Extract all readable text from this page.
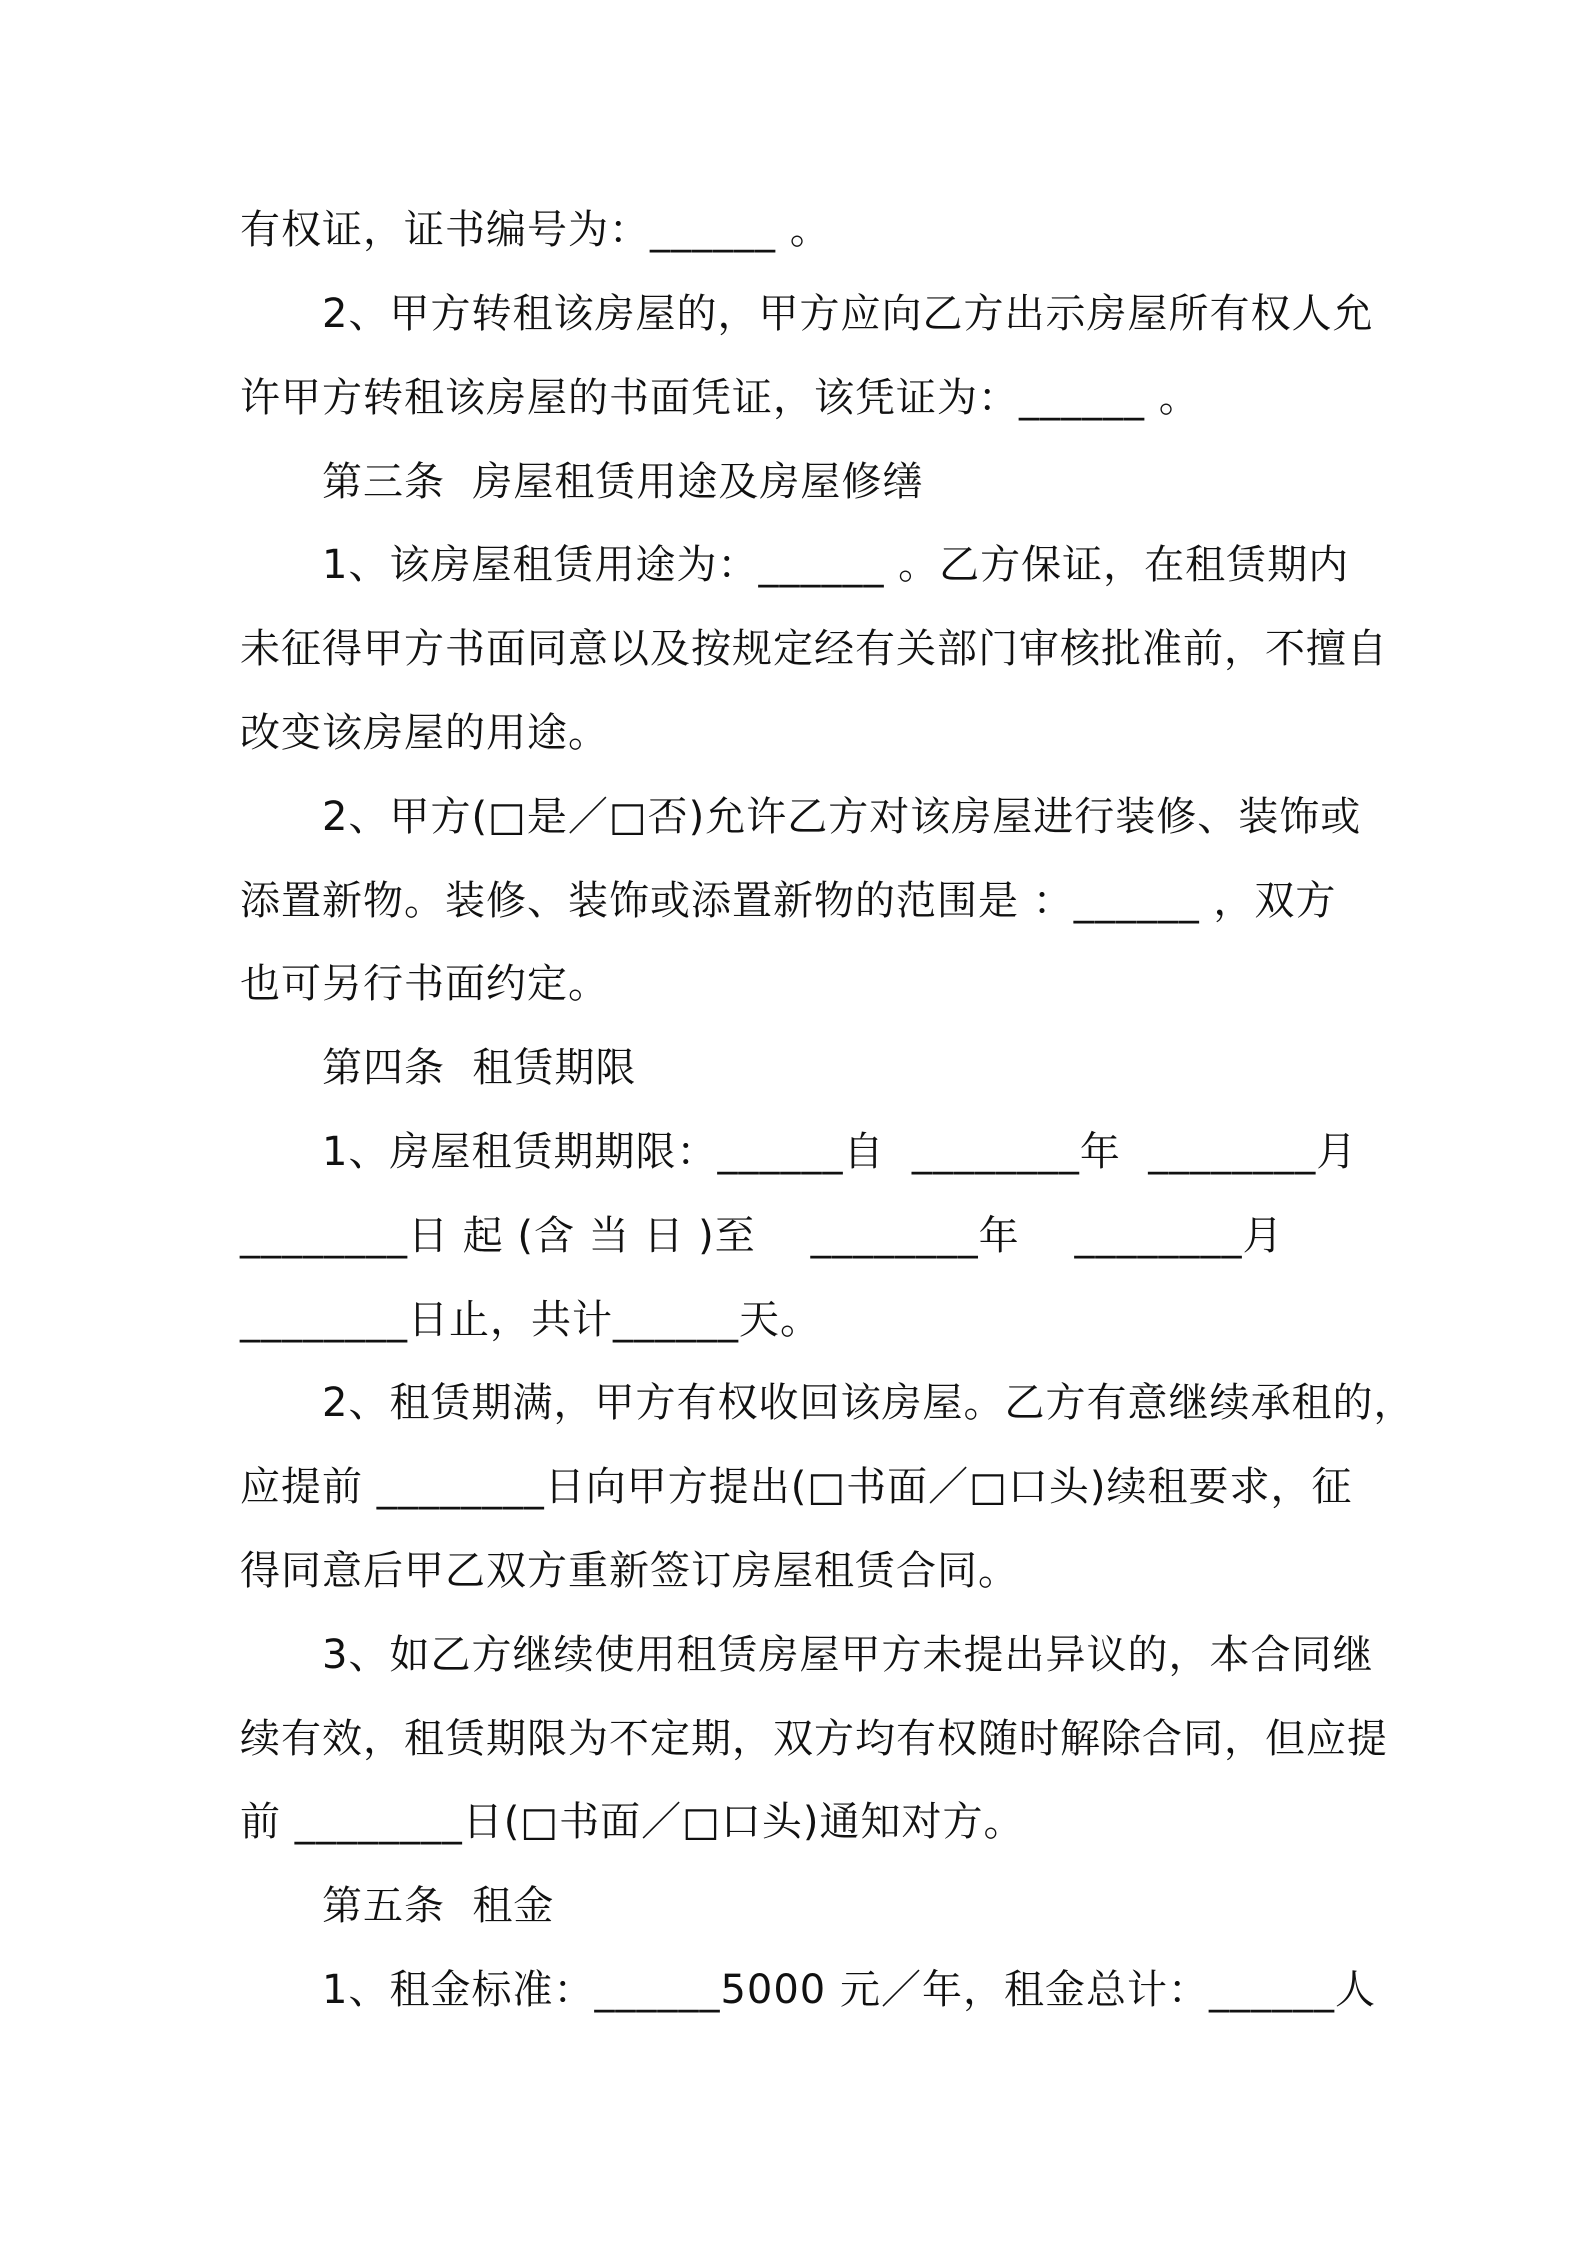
有权证，证书编号为：______ 。
2、甲方转租该房屋的，甲方应向乙方出示房屋所有权人允
许甲方转租该房屋的书面凭证，该凭证为：______ 。
第三条  房屋租赁用途及房屋修缮
1、该房屋租赁用途为：______ 。乙方保证，在租赁期内
未征得甲方书面同意以及按规定经有关部门审核批准前，不擅自
改变该房屋的用途。
2、甲方(□是／□否)允许乙方对该房屋进行装修、装饰或
添置新物。装修、装饰或添置新物的范围是 ：______ ，双方
也可另行书面约定。
第四条  租赁期限
1、房屋租赁期期限：______自  ________年  ________月
________日 起 (含 当 日 )至    ________年    ________月
________日止，共计______天。
2、租赁期满，甲方有权收回该房屋。乙方有意继续承租的，
应提前 ________日向甲方提出(□书面／□口头)续租要求，征
得同意后甲乙双方重新签订房屋租赁合同。
3、如乙方继续使用租赁房屋甲方未提出异议的，本合同继
续有效，租赁期限为不定期，双方均有权随时解除合同，但应提
前 ________日(□书面／□口头)通知对方。
第五条  租金
1、租金标准：______5000 元／年，租金总计：______人
